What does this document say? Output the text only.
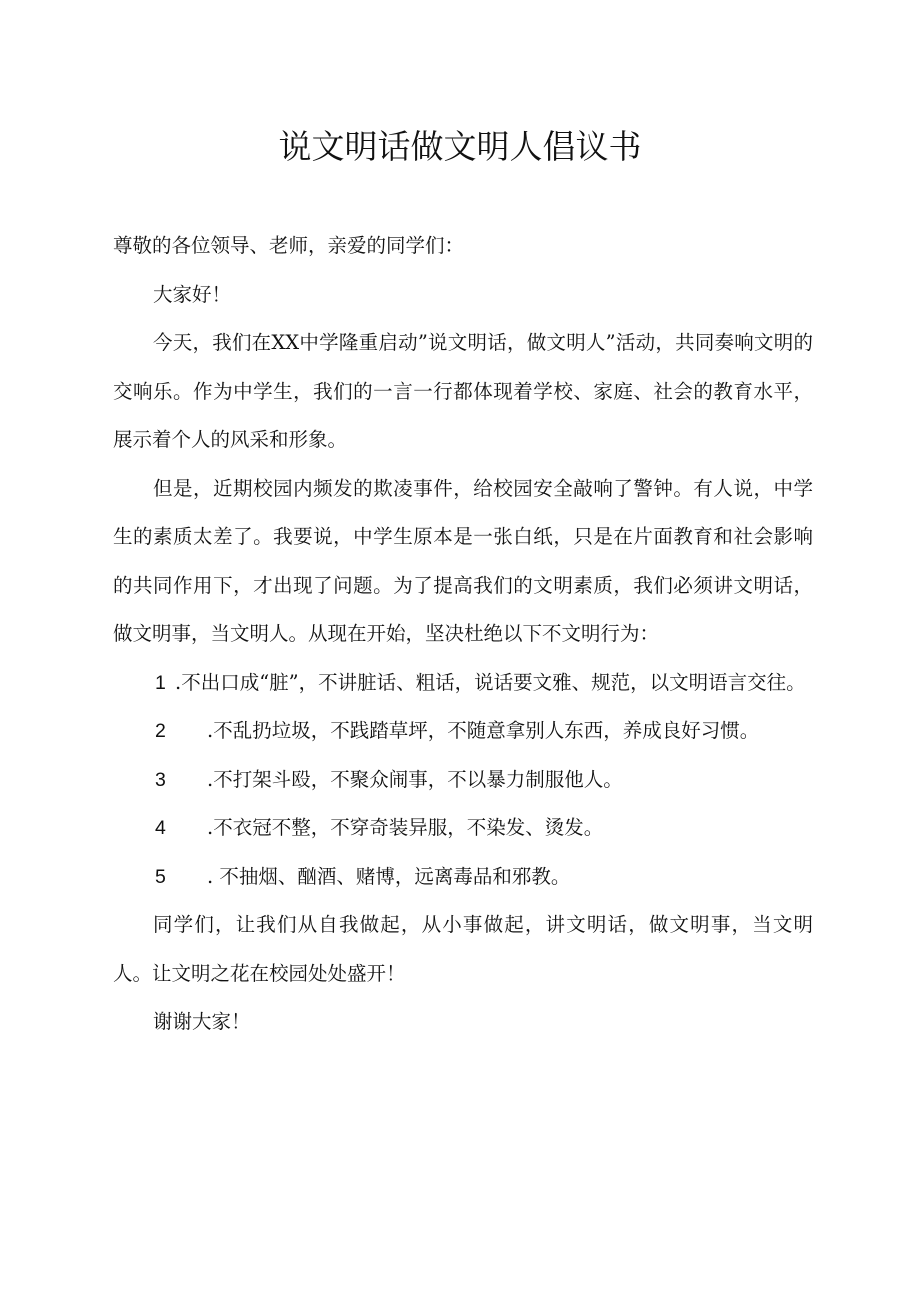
说文明话做文明人倡议书

尊敬的各位领导、老师，亲爱的同学们：

大家好！

今天，我们在XX中学隆重启动”说文明话，做文明人”活动，共同奏响文明的交响乐。作为中学生，我们的一言一行都体现着学校、家庭、社会的教育水平，展示着个人的风采和形象。

但是，近期校园内频发的欺凌事件，给校园安全敲响了警钟。有人说，中学生的素质太差了。我要说，中学生原本是一张白纸，只是在片面教育和社会影响的共同作用下，才出现了问题。为了提高我们的文明素质，我们必须讲文明话，做文明事，当文明人。从现在开始，坚决杜绝以下不文明行为：

1 .不出口成“脏”，不讲脏话、粗话，说话要文雅、规范，以文明语言交往。

2 .不乱扔垃圾，不践踏草坪，不随意拿别人东西，养成良好习惯。

3 .不打架斗殴，不聚众闹事，不以暴力制服他人。

4 .不衣冠不整，不穿奇装异服，不染发、烫发。

5 . 不抽烟、酗酒、赌博，远离毒品和邪教。

同学们，让我们从自我做起，从小事做起，讲文明话，做文明事，当文明人。让文明之花在校园处处盛开！

谢谢大家！
